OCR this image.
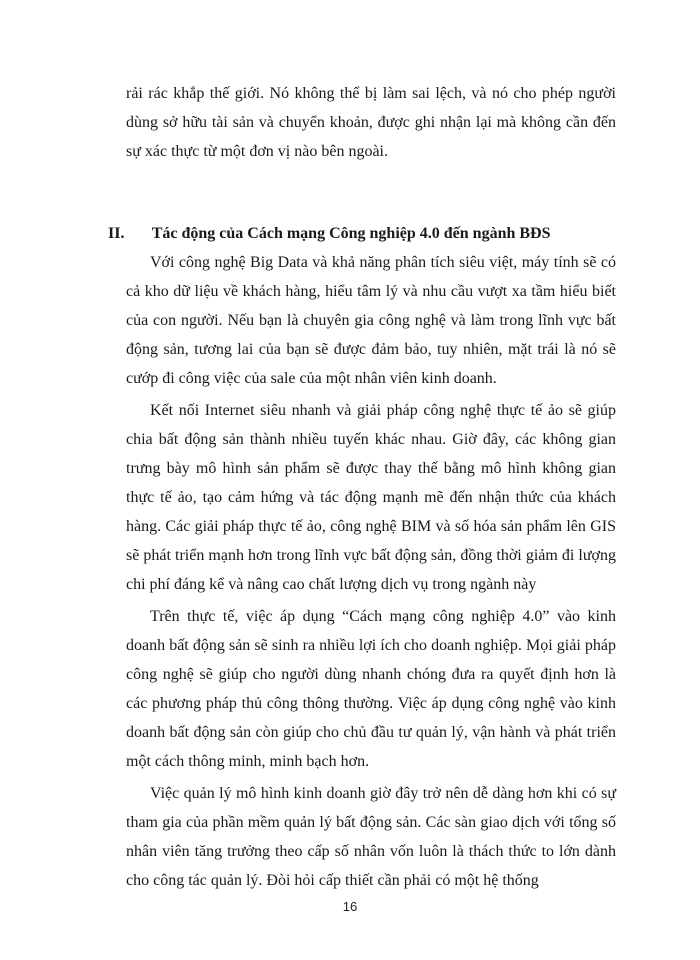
rải rác khắp thế giới. Nó không thể bị làm sai lệch, và nó cho phép người dùng sở hữu tài sản và chuyển khoản, được ghi nhận lại mà không cần đến sự xác thực từ một đơn vị nào bên ngoài.

II. Tác động của Cách mạng Công nghiệp 4.0 đến ngành BĐS

Với công nghệ Big Data và khả năng phân tích siêu việt, máy tính sẽ có cả kho dữ liệu về khách hàng, hiểu tâm lý và nhu cầu vượt xa tầm hiểu biết của con người. Nếu bạn là chuyên gia công nghệ và làm trong lĩnh vực bất động sản, tương lai của bạn sẽ được đảm bảo, tuy nhiên, mặt trái là nó sẽ cướp đi công việc của sale của một nhân viên kinh doanh.

Kết nối Internet siêu nhanh và giải pháp công nghệ thực tế ảo sẽ giúp chia bất động sản thành nhiều tuyến khác nhau. Giờ đây, các không gian trưng bày mô hình sản phẩm sẽ được thay thế bằng mô hình không gian thực tế ảo, tạo cảm hứng và tác động mạnh mẽ đến nhận thức của khách hàng. Các giải pháp thực tế ảo, công nghệ BIM và số hóa sản phẩm lên GIS sẽ phát triển mạnh hơn trong lĩnh vực bất động sản, đồng thời giảm đi lượng chi phí đáng kể và nâng cao chất lượng dịch vụ trong ngành này

Trên thực tế, việc áp dụng “Cách mạng công nghiệp 4.0” vào kinh doanh bất động sản sẽ sinh ra nhiều lợi ích cho doanh nghiệp. Mọi giải pháp công nghệ sẽ giúp cho người dùng nhanh chóng đưa ra quyết định hơn là các phương pháp thủ công thông thường. Việc áp dụng công nghệ vào kinh doanh bất động sản còn giúp cho chủ đầu tư quản lý, vận hành và phát triển một cách thông minh, minh bạch hơn.

Việc quản lý mô hình kinh doanh giờ đây trở nên dễ dàng hơn khi có sự tham gia của phần mềm quản lý bất động sản. Các sàn giao dịch với tổng số nhân viên tăng trưởng theo cấp số nhân vốn luôn là thách thức to lớn dành cho công tác quản lý. Đòi hỏi cấp thiết cần phải có một hệ thống

16
